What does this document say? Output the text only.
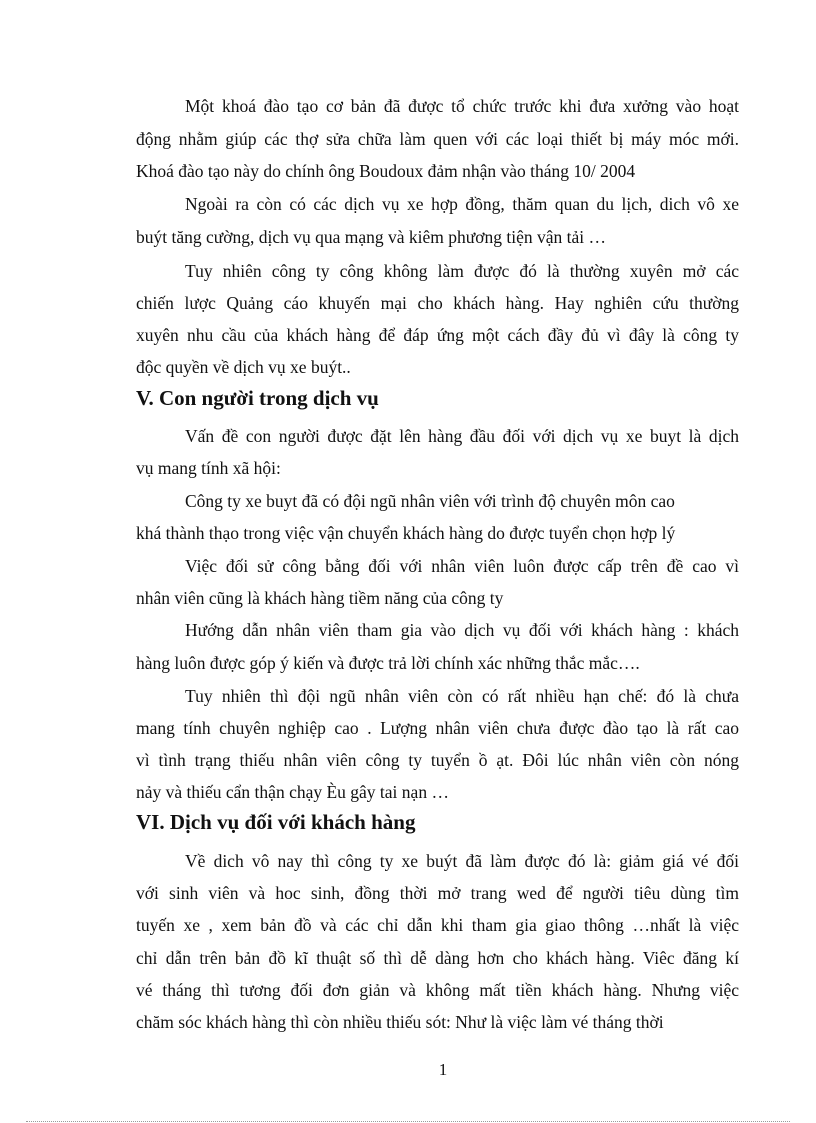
Một khoá đào tạo cơ bản đã được tổ chức trước khi đưa xưởng vào hoạt
động nhằm giúp các thợ sửa chữa làm quen với các loại thiết bị máy móc mới.
Khoá đào tạo này do chính ông Boudoux đảm nhận vào tháng 10/ 2004
Ngoài ra còn có các dịch vụ xe hợp đồng, thăm quan du lịch, dich vô xe
buýt tăng cường, dịch vụ qua mạng và kiêm phương tiện vận tải …
Tuy nhiên công ty công không làm được đó là thường xuyên mở các
chiến lược Quảng cáo khuyến mại cho khách hàng. Hay nghiên cứu thường
xuyên nhu cầu của khách hàng để đáp ứng một cách đầy đủ vì đây là công ty
độc quyền về dịch vụ xe buýt..
V. Con người trong dịch vụ
Vấn đề con người được đặt lên hàng đầu đối với dịch vụ xe buyt là dịch
vụ mang tính xã hội:
Công ty xe buyt đã có đội ngũ nhân viên với trình độ chuyên môn cao
khá thành thạo trong việc vận chuyển khách hàng do được tuyển chọn hợp lý
Việc đối sử công bằng đối với nhân viên luôn được cấp trên đề cao vì
nhân viên cũng là khách hàng tiềm năng của công ty
Hướng dẫn nhân viên tham gia vào dịch vụ đối với khách hàng : khách
hàng luôn được góp ý kiến và được trả lời chính xác những thắc mắc….
Tuy nhiên thì đội ngũ nhân viên còn có rất nhiều hạn chế: đó là chưa
mang tính chuyên nghiệp cao . Lượng nhân viên chưa được đào tạo là rất cao
vì tình trạng thiếu nhân viên công ty tuyển ồ ạt. Đôi lúc nhân viên còn nóng
nảy và thiếu cẩn thận chạy Èu gây tai nạn …
VI. Dịch vụ đối với khách hàng
Về dich vô nay thì công ty xe buýt đã làm được đó là: giảm giá vé đối
với sinh viên và hoc sinh, đồng thời mở trang wed để người tiêu dùng tìm
tuyến xe , xem bản đồ và các chỉ dẫn khi tham gia giao thông …nhất là việc
chỉ dẫn trên bản đồ kĩ thuật số thì dễ dàng hơn cho khách hàng. Viêc đăng kí
vé tháng thì tương đối đơn giản và không mất tiền khách hàng. Nhưng việc
chăm sóc khách hàng thì còn nhiều thiếu sót: Như là việc làm vé tháng thời
1
